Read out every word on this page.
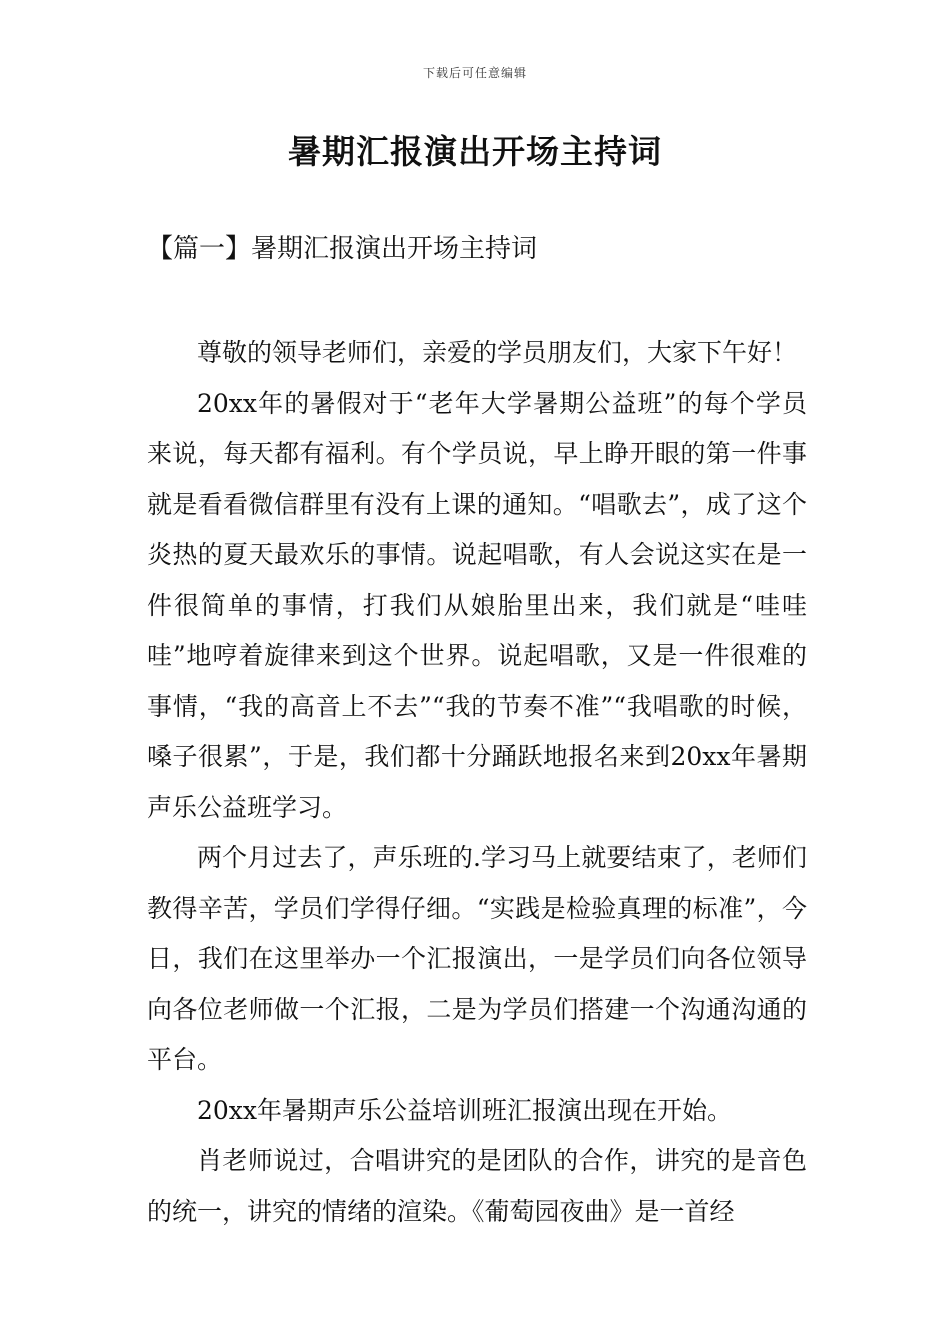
下载后可任意编辑
暑期汇报演出开场主持词
【篇一】暑期汇报演出开场主持词

尊敬的领导老师们，亲爱的学员朋友们，大家下午好！

20xx年的暑假对于“老年大学暑期公益班”的每个学员来说，每天都有福利。有个学员说，早上睁开眼的第一件事就是看看微信群里有没有上课的通知。“唱歌去”，成了这个炎热的夏天最欢乐的事情。说起唱歌，有人会说这实在是一件很简单的事情，打我们从娘胎里出来，我们就是“哇哇哇”地哼着旋律来到这个世界。说起唱歌，又是一件很难的事情，“我的高音上不去”“我的节奏不准”“我唱歌的时候，嗓子很累”，于是，我们都十分踊跃地报名来到20xx年暑期声乐公益班学习。

两个月过去了，声乐班的.学习马上就要结束了，老师们教得辛苦，学员们学得仔细。“实践是检验真理的标准”，今日，我们在这里举办一个汇报演出，一是学员们向各位领导向各位老师做一个汇报，二是为学员们搭建一个沟通沟通的平台。

20xx年暑期声乐公益培训班汇报演出现在开始。

肖老师说过，合唱讲究的是团队的合作，讲究的是音色的统一，讲究的情绪的渲染。《葡萄园夜曲》是一首经
